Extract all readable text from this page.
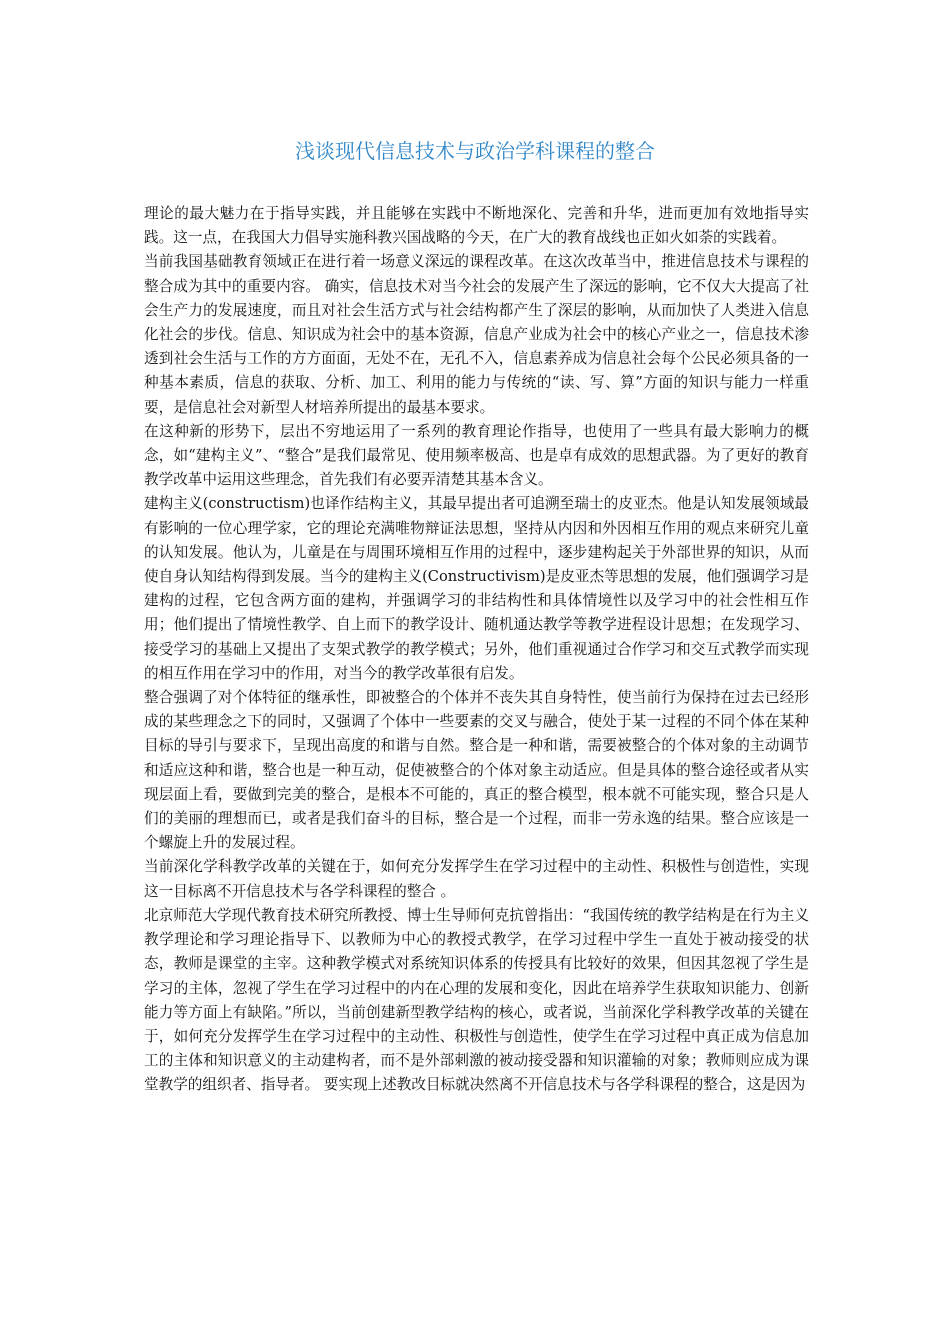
浅谈现代信息技术与政治学科课程的整合

理论的最大魅力在于指导实践，并且能够在实践中不断地深化、完善和升华，进而更加有效地指导实践。这一点，在我国大力倡导实施科教兴国战略的今天，在广大的教育战线也正如火如荼的实践着。

当前我国基础教育领域正在进行着一场意义深远的课程改革。在这次改革当中，推进信息技术与课程的整合成为其中的重要内容。 确实，信息技术对当今社会的发展产生了深远的影响，它不仅大大提高了社会生产力的发展速度，而且对社会生活方式与社会结构都产生了深层的影响，从而加快了人类进入信息化社会的步伐。信息、知识成为社会中的基本资源，信息产业成为社会中的核心产业之一，信息技术渗透到社会生活与工作的方方面面，无处不在，无孔不入，信息素养成为信息社会每个公民必须具备的一种基本素质，信息的获取、分析、加工、利用的能力与传统的“读、写、算”方面的知识与能力一样重要，是信息社会对新型人材培养所提出的最基本要求。

在这种新的形势下，层出不穷地运用了一系列的教育理论作指导，也使用了一些具有最大影响力的概念，如“建构主义”、“整合”是我们最常见、使用频率极高、也是卓有成效的思想武器。为了更好的教育教学改革中运用这些理念，首先我们有必要弄清楚其基本含义。

建构主义(constructism)也译作结构主义，其最早提出者可追溯至瑞士的皮亚杰。他是认知发展领域最有影响的一位心理学家，它的理论充满唯物辩证法思想，坚持从内因和外因相互作用的观点来研究儿童的认知发展。他认为，儿童是在与周围环境相互作用的过程中，逐步建构起关于外部世界的知识，从而使自身认知结构得到发展。当今的建构主义(Constructivism)是皮亚杰等思想的发展，他们强调学习是建构的过程，它包含两方面的建构，并强调学习的非结构性和具体情境性以及学习中的社会性相互作用；他们提出了情境性教学、自上而下的教学设计、随机通达教学等教学进程设计思想；在发现学习、接受学习的基础上又提出了支架式教学的教学模式；另外，他们重视通过合作学习和交互式教学而实现的相互作用在学习中的作用，对当今的教学改革很有启发。

整合强调了对个体特征的继承性，即被整合的个体并不丧失其自身特性，使当前行为保持在过去已经形成的某些理念之下的同时，又强调了个体中一些要素的交叉与融合，使处于某一过程的不同个体在某种目标的导引与要求下，呈现出高度的和谐与自然。整合是一种和谐，需要被整合的个体对象的主动调节和适应这种和谐，整合也是一种互动，促使被整合的个体对象主动适应。但是具体的整合途径或者从实现层面上看，要做到完美的整合，是根本不可能的，真正的整合模型，根本就不可能实现，整合只是人们的美丽的理想而已，或者是我们奋斗的目标，整合是一个过程，而非一劳永逸的结果。整合应该是一个螺旋上升的发展过程。

当前深化学科教学改革的关键在于，如何充分发挥学生在学习过程中的主动性、积极性与创造性，实现这一目标离不开信息技术与各学科课程的整合 。

北京师范大学现代教育技术研究所教授、博士生导师何克抗曾指出：“我国传统的教学结构是在行为主义教学理论和学习理论指导下、以教师为中心的教授式教学，在学习过程中学生一直处于被动接受的状态，教师是课堂的主宰。这种教学模式对系统知识体系的传授具有比较好的效果，但因其忽视了学生是学习的主体，忽视了学生在学习过程中的内在心理的发展和变化，因此在培养学生获取知识能力、创新能力等方面上有缺陷。”所以，当前创建新型教学结构的核心，或者说，当前深化学科教学改革的关键在于，如何充分发挥学生在学习过程中的主动性、积极性与创造性，使学生在学习过程中真正成为信息加工的主体和知识意义的主动建构者，而不是外部刺激的被动接受器和知识灌输的对象；教师则应成为课堂教学的组织者、指导者。 要实现上述教改目标就决然离不开信息技术与各学科课程的整合，这是因为
